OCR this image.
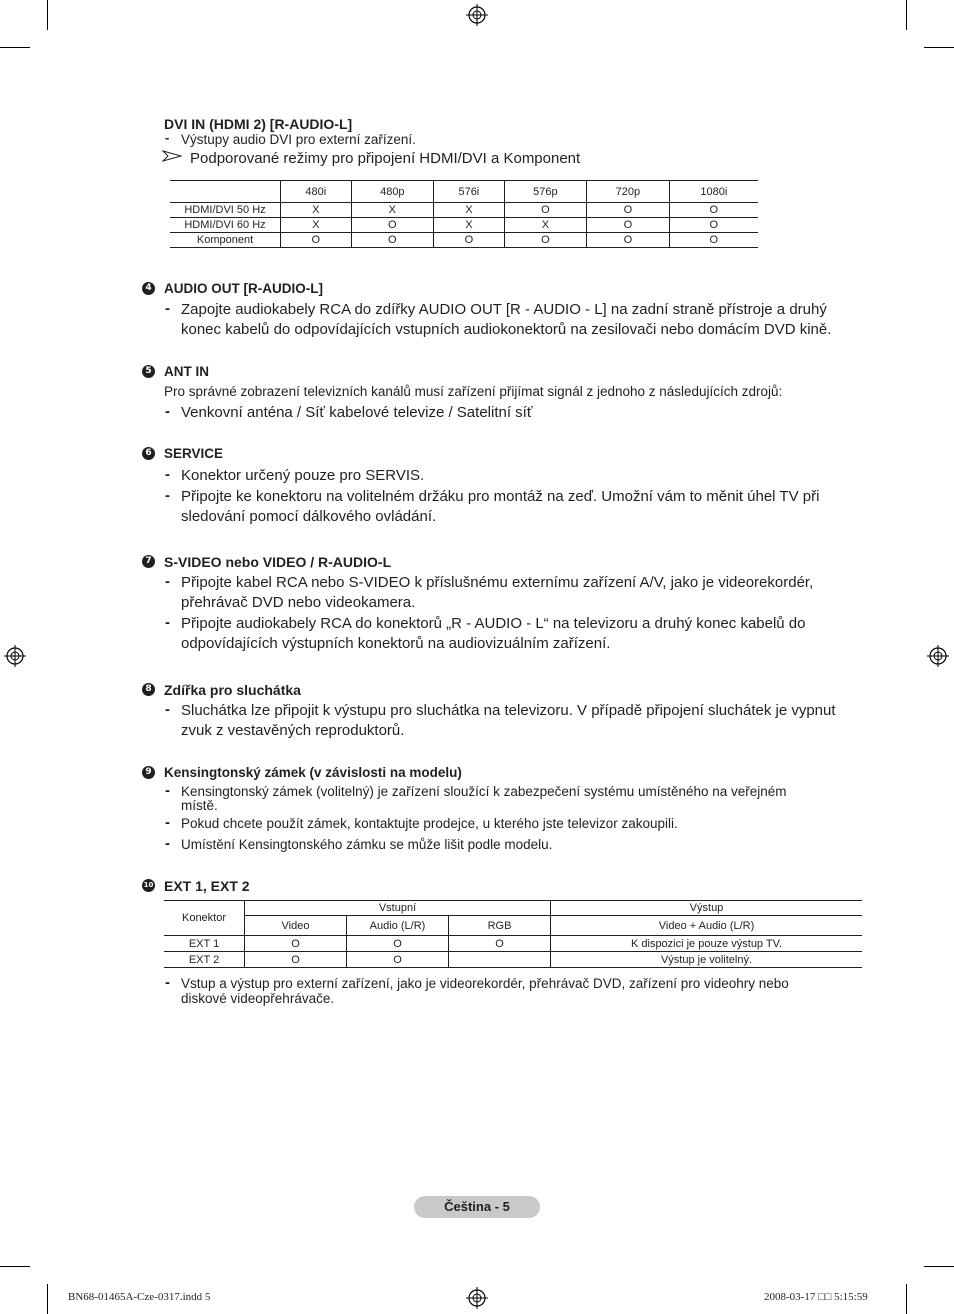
DVI IN (HDMI 2) [R-AUDIO-L]
- Výstupy audio DVI pro externí zařízení.
Podporované režimy pro připojení HDMI/DVI a Komponent
	480i	480p	576i	576p	720p	1080i
HDMI/DVI 50 Hz	X	X	X	O	O	O
HDMI/DVI 60 Hz	X	O	X	X	O	O
Komponent	O	O	O	O	O	O
4 AUDIO OUT [R-AUDIO-L]
- Zapojte audiokabely RCA do zdířky AUDIO OUT [R - AUDIO - L] na zadní straně přístroje a druhý
konec kabelů do odpovídajících vstupních audiokonektorů na zesilovači nebo domácím DVD kině.
5 ANT IN
Pro správné zobrazení televizních kanálů musí zařízení přijímat signál z jednoho z následujících zdrojů:
- Venkovní anténa / Síť kabelové televize / Satelitní síť
6 SERVICE
- Konektor určený pouze pro SERVIS.
- Připojte ke konektoru na volitelném držáku pro montáž na zeď. Umožní vám to měnit úhel TV při
sledování pomocí dálkového ovládání.
7 S-VIDEO nebo VIDEO / R-AUDIO-L
- Připojte kabel RCA nebo S-VIDEO k příslušnému externímu zařízení A/V, jako je videorekordér,
přehrávač DVD nebo videokamera.
- Připojte audiokabely RCA do konektorů „R - AUDIO - L“ na televizoru a druhý konec kabelů do
odpovídajících výstupních konektorů na audiovizuálním zařízení.
8 Zdířka pro sluchátka
- Sluchátka lze připojit k výstupu pro sluchátka na televizoru. V případě připojení sluchátek je vypnut
zvuk z vestavěných reproduktorů.
9 Kensingtonský zámek (v závislosti na modelu)
- Kensingtonský zámek (volitelný) je zařízení sloužící k zabezpečení systému umístěného na veřejném
místě.
- Pokud chcete použít zámek, kontaktujte prodejce, u kterého jste televizor zakoupili.
- Umístění Kensingtonského zámku se může lišit podle modelu.
10 EXT 1, EXT 2
Konektor	Vstupní			Výstup
	Video	Audio (L/R)	RGB	Video + Audio (L/R)
EXT 1	O	O	O	K dispozici je pouze výstup TV.
EXT 2	O	O		Výstup je volitelný.
- Vstup a výstup pro externí zařízení, jako je videorekordér, přehrávač DVD, zařízení pro videohry nebo
diskové videopřehrávače.
Čeština - 5
BN68-01465A-Cze-0317.indd 5	2008-03-17 □□ 5:15:59
